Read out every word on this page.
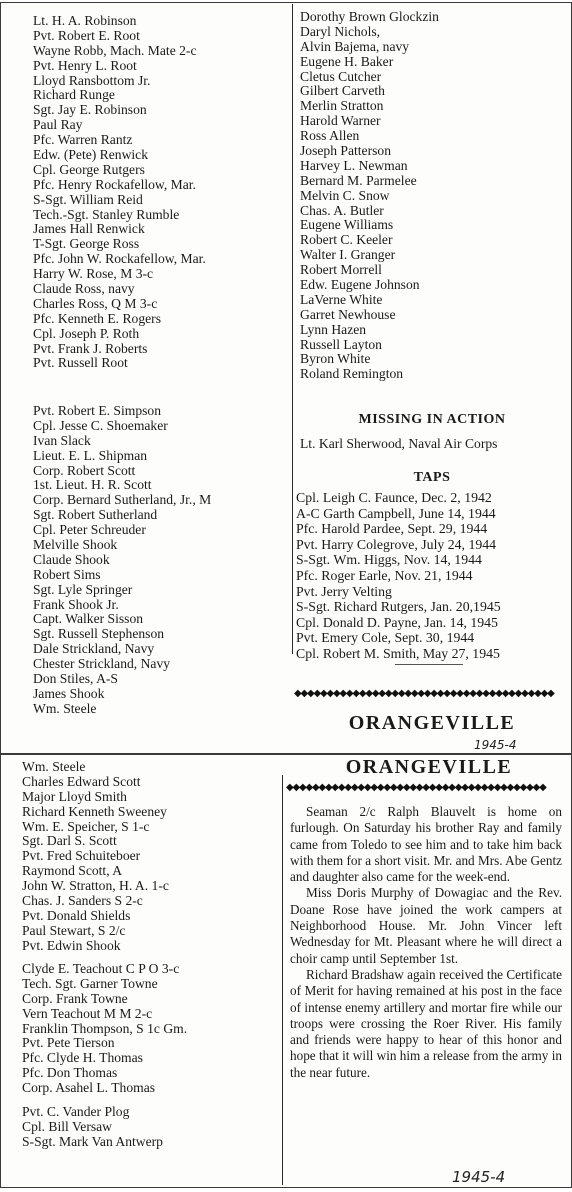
Lt. H. A. Robinson
Pvt. Robert E. Root
Wayne Robb, Mach. Mate 2-c
Pvt. Henry L. Root
Lloyd Ransbottom Jr.
Richard Runge
Sgt. Jay E. Robinson
Paul Ray
Pfc. Warren Rantz
Edw. (Pete) Renwick
Cpl. George Rutgers
Pfc. Henry Rockafellow, Mar.
S-Sgt. William Reid
Tech.-Sgt. Stanley Rumble
James Hall Renwick
T-Sgt. George Ross
Pfc. John W. Rockafellow, Mar.
Harry W. Rose, M 3-c
Claude Ross, navy
Charles Ross, Q M 3-c
Pfc. Kenneth E. Rogers
Cpl. Joseph P. Roth
Pvt. Frank J. Roberts
Pvt. Russell Root
Pvt. Robert E. Simpson
Cpl. Jesse C. Shoemaker
Ivan Slack
Lieut. E. L. Shipman
Corp. Robert Scott
1st. Lieut. H. R. Scott
Corp. Bernard Sutherland, Jr., M
Sgt. Robert Sutherland
Cpl. Peter Schreuder
Melville Shook
Claude Shook
Robert Sims
Sgt. Lyle Springer
Frank Shook Jr.
Capt. Walker Sisson
Sgt. Russell Stephenson
Dale Strickland, Navy
Chester Strickland, Navy
Don Stiles, A-S
James Shook
Wm. Steele
Dorothy Brown Glockzin
Daryl Nichols,
Alvin Bajema, navy
Eugene H. Baker
Cletus Cutcher
Gilbert Carveth
Merlin Stratton
Harold Warner
Ross Allen
Joseph Patterson
Harvey L. Newman
Bernard M. Parmelee
Melvin C. Snow
Chas. A. Butler
Eugene Williams
Robert C. Keeler
Walter I. Granger
Robert Morrell
Edw. Eugene Johnson
LaVerne White
Garret Newhouse
Lynn Hazen
Russell Layton
Byron White
Roland Remington
MISSING IN ACTION
Lt. Karl Sherwood, Naval Air Corps
TAPS
Cpl. Leigh C. Faunce, Dec. 2, 1942
A-C Garth Campbell, June 14, 1944
Pfc. Harold Pardee, Sept. 29, 1944
Pvt. Harry Colegrove, July 24, 1944
S-Sgt. Wm. Higgs, Nov. 14, 1944
Pfc. Roger Earle, Nov. 21, 1944
Pvt. Jerry Velting
S-Sgt. Richard Rutgers, Jan. 20,1945
Cpl. Donald D. Payne, Jan. 14, 1945
Pvt. Emery Cole, Sept. 30, 1944
Cpl. Robert M. Smith, May 27, 1945
◆◆◆◆◆◆◆◆◆◆◆◆◆◆◆◆◆◆◆◆◆◆◆◆◆◆◆◆◆◆◆◆◆◆◆◆◆◆◆◆
ORANGEVILLE
1945-4
ORANGEVILLE
◆◆◆◆◆◆◆◆◆◆◆◆◆◆◆◆◆◆◆◆◆◆◆◆◆◆◆◆◆◆◆◆◆◆◆◆◆◆◆◆
Wm. Steele
Charles Edward Scott
Major Lloyd Smith
Richard Kenneth Sweeney
Wm. E. Speicher, S 1-c
Sgt. Darl S. Scott
Pvt. Fred Schuiteboer
Raymond Scott, A
John W. Stratton, H. A. 1-c
Chas. J. Sanders S 2-c
Pvt. Donald Shields
Paul Stewart, S 2/c
Pvt. Edwin Shook
Clyde E. Teachout C P O 3-c
Tech. Sgt. Garner Towne
Corp. Frank Towne
Vern Teachout M M 2-c
Franklin Thompson, S 1c Gm.
Pvt. Pete Tierson
Pfc. Clyde H. Thomas
Pfc. Don Thomas
Corp. Asahel L. Thomas
Pvt. C. Vander Plog
Cpl. Bill Versaw
S-Sgt. Mark Van Antwerp

Seaman 2/c Ralph Blauvelt is home on furlough. On Saturday his brother Ray and family came from Toledo to see him and to take him back with them for a short visit. Mr. and Mrs. Abe Gentz and daughter also came for the week-end.

Miss Doris Murphy of Dowagiac and the Rev. Doane Rose have joined the work campers at Neighborhood House. Mr. John Vincer left Wednesday for Mt. Pleasant where he will direct a choir camp until September 1st.

Richard Bradshaw again received the Certificate of Merit for having remained at his post in the face of intense enemy artillery and mortar fire while our troops were crossing the Roer River. His family and friends were happy to hear of this honor and hope that it will win him a release from the army in the near future.

1945-4
